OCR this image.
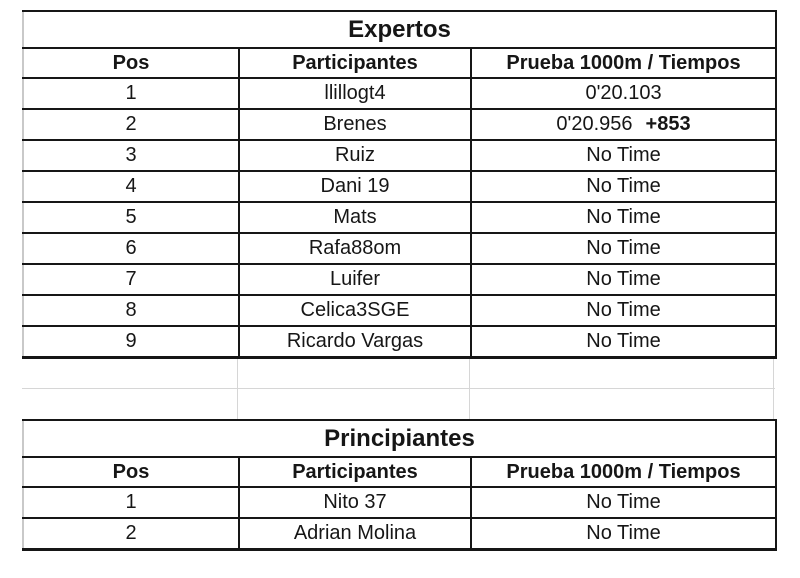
Expertos		
Pos	Participantes	Prueba 1000m / Tiempos
1	llillogt4	0'20.103

2	Brenes	0'20.956 +853

3	Ruiz	No Time

4	Dani 19	No Time

5	Mats	No Time

6	Rafa88om	No Time

7	Luifer	No Time

8	Celica3SGE	No Time

9	Ricardo Vargas	No Time
Principiantes		
Pos	Participantes	Prueba 1000m / Tiempos
1	Nito 37	No Time

2	Adrian Molina	No Time
